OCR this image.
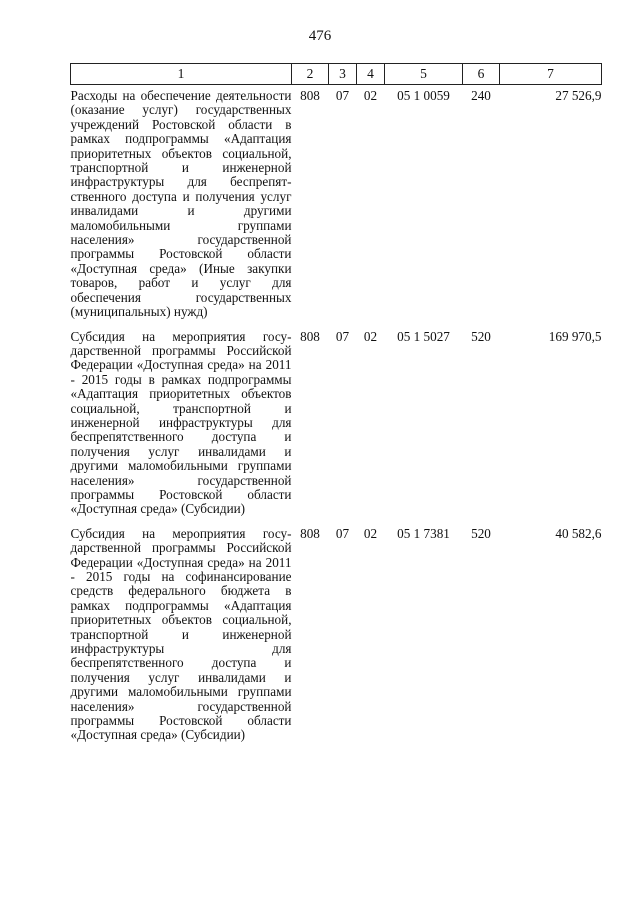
476
1	2	3	4	5	6	7
Расходы на обеспечение деятельности (оказание услуг) государственных учреждений Ростовской области в рамках подпрограммы «Адаптация приоритетных объектов социальной, транспортной и инженерной инфраструктуры для беспрепятственного доступа и получения услуг инвалидами и другими маломобильными группами населения» государственной программы Ростовской области «Доступная среда» (Иные закупки товаров, работ и услуг для обеспечения государственных (муниципальных) нужд)	808	07	02	05 1 0059	240	27 526,9
Субсидия на мероприятия государственной программы Российской Федерации «Доступная среда» на 2011 - 2015 годы в рамках подпрограммы «Адаптация приоритетных объектов социальной, транспортной и инженерной инфраструктуры для беспрепятственного доступа и получения услуг инвалидами и другими маломобильными группами населения» государственной программы Ростовской области «Доступная среда» (Субсидии)	808	07	02	05 1 5027	520	169 970,5
Субсидия на мероприятия государственной программы Российской Федерации «Доступная среда» на 2011 - 2015 годы на софинансирование средств федерального бюджета в рамках подпрограммы «Адаптация приоритетных объектов социальной, транспортной и инженерной инфраструктуры для беспрепятственного доступа и получения услуг инвалидами и другими маломобильными группами населения» государственной программы Ростовской области «Доступная среда» (Субсидии)	808	07	02	05 1 7381	520	40 582,6
